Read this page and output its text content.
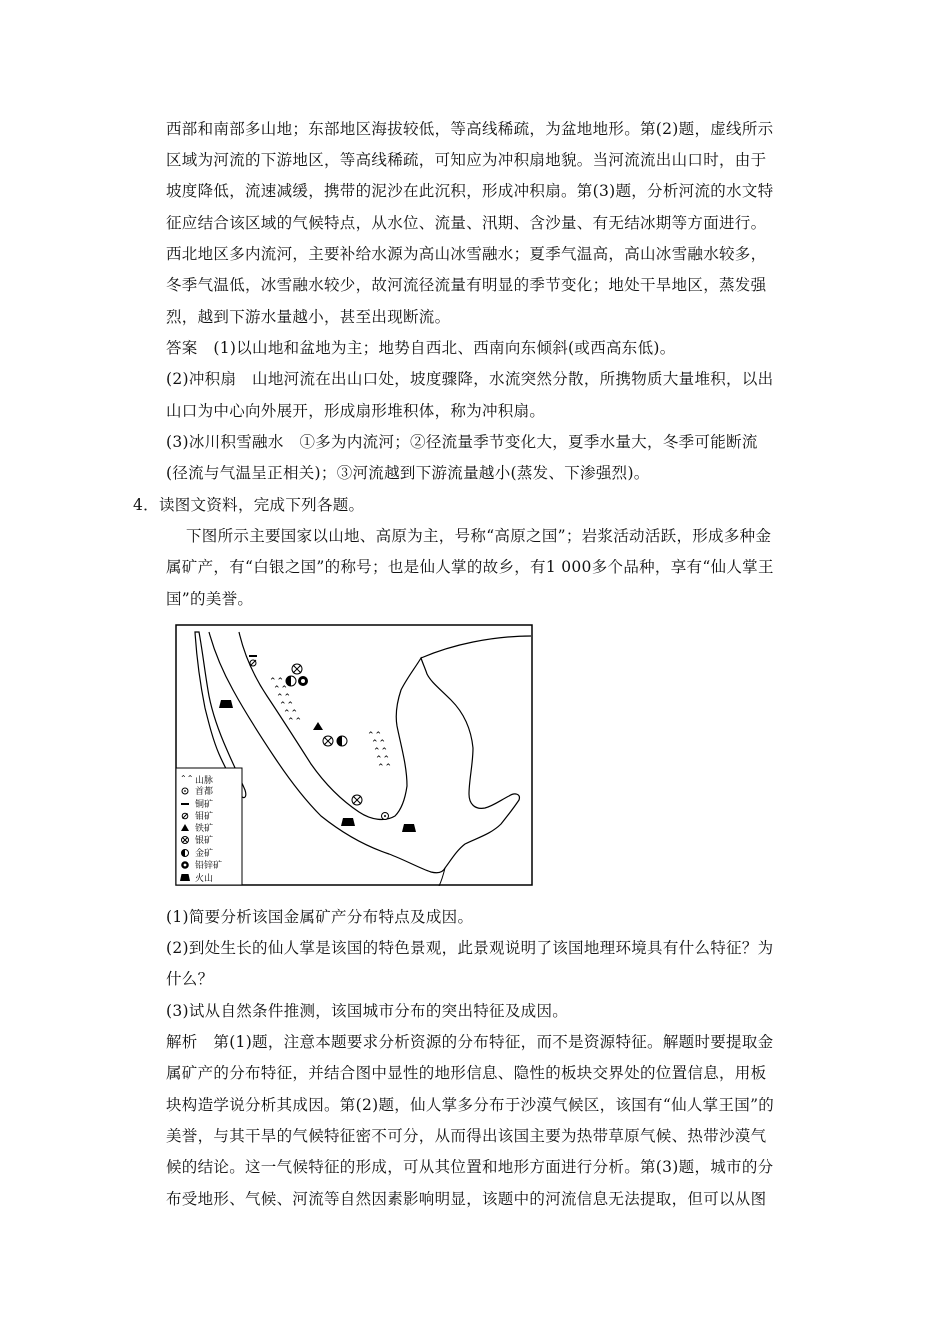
西部和南部多山地；东部地区海拔较低，等高线稀疏，为盆地地形。第(2)题，虚线所示
区域为河流的下游地区，等高线稀疏，可知应为冲积扇地貌。当河流流出山口时，由于
坡度降低，流速减缓，携带的泥沙在此沉积，形成冲积扇。第(3)题，分析河流的水文特
征应结合该区域的气候特点，从水位、流量、汛期、含沙量、有无结冰期等方面进行。
西北地区多内流河，主要补给水源为高山冰雪融水；夏季气温高，高山冰雪融水较多，
冬季气温低，冰雪融水较少，故河流径流量有明显的季节变化；地处干旱地区，蒸发强
烈，越到下游水量越小，甚至出现断流。
答案　(1)以山地和盆地为主；地势自西北、西南向东倾斜(或西高东低)。
(2)冲积扇　山地河流在出山口处，坡度骤降，水流突然分散，所携物质大量堆积，以出
山口为中心向外展开，形成扇形堆积体，称为冲积扇。
(3)冰川积雪融水　①多为内流河；②径流量季节变化大，夏季水量大，冬季可能断流
(径流与气温呈正相关)；③河流越到下游流量越小(蒸发、下渗强烈)。
4．读图文资料，完成下列各题。
下图所示主要国家以山地、高原为主，号称“高原之国”；岩浆活动活跃，形成多种金
属矿产，有“白银之国”的称号；也是仙人掌的故乡，有1 000多个品种，享有“仙人掌王
国”的美誉。
⌃⌃
⌃⌃
⌃⌃
⌃⌃
⌃⌃
⌃⌃
⌃⌃
⌃⌃
⌃⌃
⌃⌃
⌃⌃
⌃⌃ 山脉
首都
铜矿
钼矿
铁矿
银矿
金矿
铅锌矿
火山
(1)简要分析该国金属矿产分布特点及成因。
(2)到处生长的仙人掌是该国的特色景观，此景观说明了该国地理环境具有什么特征？为
什么？
(3)试从自然条件推测，该国城市分布的突出特征及成因。
解析　第(1)题，注意本题要求分析资源的分布特征，而不是资源特征。解题时要提取金
属矿产的分布特征，并结合图中显性的地形信息、隐性的板块交界处的位置信息，用板
块构造学说分析其成因。第(2)题，仙人掌多分布于沙漠气候区，该国有“仙人掌王国”的
美誉，与其干旱的气候特征密不可分，从而得出该国主要为热带草原气候、热带沙漠气
候的结论。这一气候特征的形成，可从其位置和地形方面进行分析。第(3)题，城市的分
布受地形、气候、河流等自然因素影响明显，该题中的河流信息无法提取，但可以从图
